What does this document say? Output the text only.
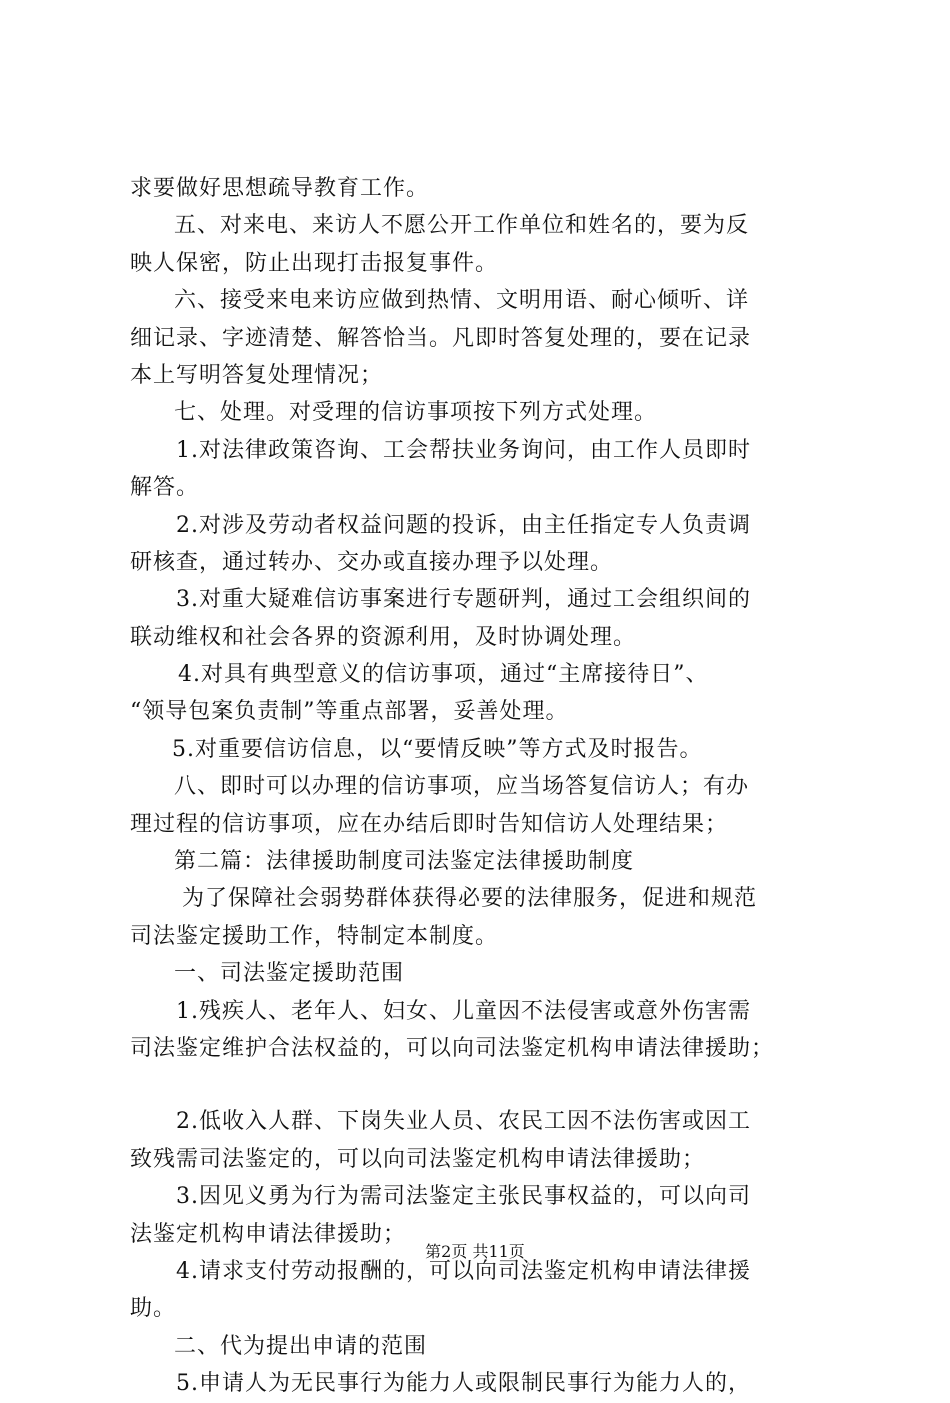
求要做好思想疏导教育工作。
五、对来电、来访人不愿公开工作单位和姓名的，要为反
映人保密，防止出现打击报复事件。
六、接受来电来访应做到热情、文明用语、耐心倾听、详
细记录、字迹清楚、解答恰当。凡即时答复处理的，要在记录
本上写明答复处理情况；
七、处理。对受理的信访事项按下列方式处理。
1.对法律政策咨询、工会帮扶业务询问，由工作人员即时
解答。
2.对涉及劳动者权益问题的投诉，由主任指定专人负责调
研核查，通过转办、交办或直接办理予以处理。
3.对重大疑难信访事案进行专题研判，通过工会组织间的
联动维权和社会各界的资源利用，及时协调处理。
4.对具有典型意义的信访事项，通过“主席接待日”、
“领导包案负责制”等重点部署，妥善处理。
5.对重要信访信息，以“要情反映”等方式及时报告。
八、即时可以办理的信访事项，应当场答复信访人；有办
理过程的信访事项，应在办结后即时告知信访人处理结果；
第二篇：法律援助制度司法鉴定法律援助制度
为了保障社会弱势群体获得必要的法律服务，促进和规范
司法鉴定援助工作，特制定本制度。
一、司法鉴定援助范围
1.残疾人、老年人、妇女、儿童因不法侵害或意外伤害需
司法鉴定维护合法权益的，可以向司法鉴定机构申请法律援助；
2.低收入人群、下岗失业人员、农民工因不法伤害或因工
致残需司法鉴定的，可以向司法鉴定机构申请法律援助；
3.因见义勇为行为需司法鉴定主张民事权益的，可以向司
法鉴定机构申请法律援助；
4.请求支付劳动报酬的，可以向司法鉴定机构申请法律援
助。
二、代为提出申请的范围
5.申请人为无民事行为能力人或限制民事行为能力人的，
第2页 共11页
